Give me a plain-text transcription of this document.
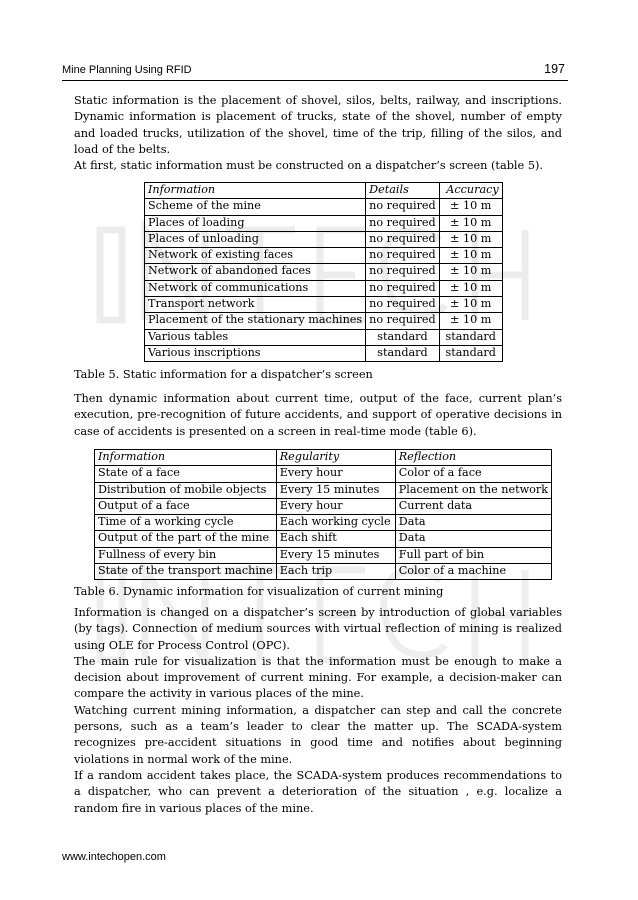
Mine Planning Using RFID	197

Static information is the placement of shovel, silos, belts, railway, and inscriptions. Dynamic information is placement of trucks, state of the shovel, number of empty and loaded trucks, utilization of the shovel, time of the trip, filling of the silos, and load of the belts.

At first, static information must be constructed on a dispatcher’s screen (table 5).

Information	Details	Accuracy
Scheme of the mine	no required	± 10 m
Places of loading	no required	± 10 m
Places of unloading	no required	± 10 m
Network of existing faces	no required	± 10 m
Network of abandoned faces	no required	± 10 m
Network of communications	no required	± 10 m
Transport network	no required	± 10 m
Placement of the stationary machines	no required	± 10 m
Various tables	standard	standard
Various inscriptions	standard	standard
Table 5. Static information for a dispatcher’s screen

Then dynamic information about current time, output of the face, current plan’s execution, pre-recognition of future accidents, and support of operative decisions in case of accidents is presented on a screen in real-time mode (table 6).

Information	Regularity	Reflection
State of a face	Every hour	Color of a face
Distribution of mobile objects	Every 15 minutes	Placement on the network
Output of a face	Every hour	Current data
Time of a working cycle	Each working cycle	Data
Output of the part of the mine	Each shift	Data
Fullness of every bin	Every 15 minutes	Full part of bin
State of the transport machine	Each trip	Color of a machine
Table 6. Dynamic information for visualization of current mining

Information is changed on a dispatcher’s screen by introduction of global variables (by tags). Connection of medium sources with virtual reflection of mining is realized using OLE for Process Control (OPC).

The main rule for visualization is that the information must be enough to make a decision about improvement of current mining. For example, a decision-maker can compare the activity in various places of the mine.

Watching current mining information, a dispatcher can step and call the concrete persons, such as a team’s leader to clear the matter up. The SCADA-system recognizes pre-accident situations in good time and notifies about beginning violations in normal work of the mine.

If a random accident takes place, the SCADA-system produces recommendations to a dispatcher, who can prevent a deterioration of the situation , e.g. localize a random fire in various places of the mine.

www.intechopen.com
